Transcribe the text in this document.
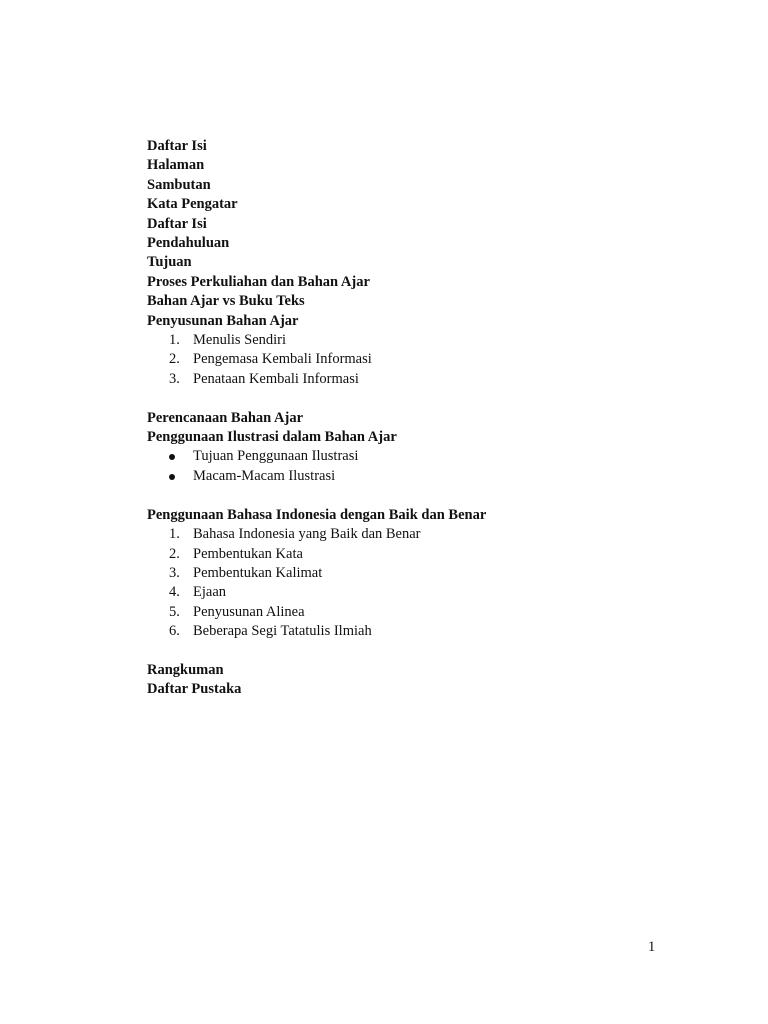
Daftar Isi
Halaman
Sambutan
Kata Pengatar
Daftar Isi
Pendahuluan
Tujuan
Proses Perkuliahan dan Bahan Ajar
Bahan Ajar vs Buku Teks
Penyusunan Bahan Ajar
1. Menulis Sendiri
2. Pengemasa Kembali Informasi
3. Penataan Kembali Informasi
Perencanaan Bahan Ajar
Penggunaan Ilustrasi dalam Bahan Ajar
Tujuan Penggunaan Ilustrasi
Macam-Macam Ilustrasi
Penggunaan Bahasa Indonesia dengan Baik dan Benar
1. Bahasa Indonesia yang Baik dan Benar
2. Pembentukan Kata
3. Pembentukan Kalimat
4. Ejaan
5. Penyusunan Alinea
6. Beberapa Segi Tatatulis Ilmiah
Rangkuman
Daftar Pustaka
1
